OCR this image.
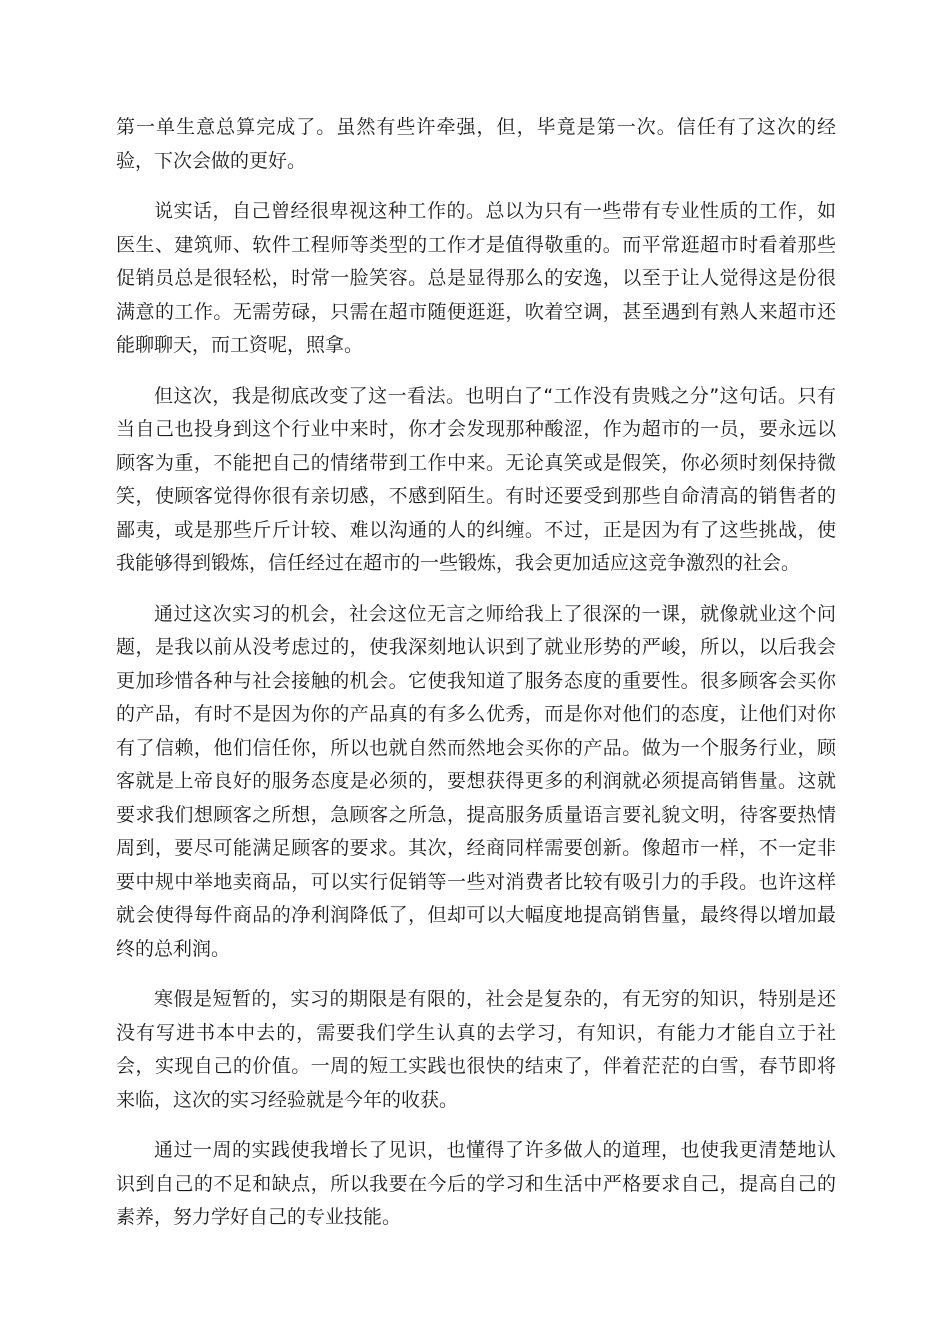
第一单生意总算完成了。虽然有些许牵强，但，毕竟是第一次。信任有了这次的经验，下次会做的更好。

说实话，自己曾经很卑视这种工作的。总以为只有一些带有专业性质的工作，如医生、建筑师、软件工程师等类型的工作才是值得敬重的。而平常逛超市时看着那些促销员总是很轻松，时常一脸笑容。总是显得那么的安逸，以至于让人觉得这是份很满意的工作。无需劳碌，只需在超市随便逛逛，吹着空调，甚至遇到有熟人来超市还能聊聊天，而工资呢，照拿。

但这次，我是彻底改变了这一看法。也明白了“工作没有贵贱之分”这句话。只有当自己也投身到这个行业中来时，你才会发现那种酸涩，作为超市的一员，要永远以顾客为重，不能把自己的情绪带到工作中来。无论真笑或是假笑，你必须时刻保持微笑，使顾客觉得你很有亲切感，不感到陌生。有时还要受到那些自命清高的销售者的鄙夷，或是那些斤斤计较、难以沟通的人的纠缠。不过，正是因为有了这些挑战，使我能够得到锻炼，信任经过在超市的一些锻炼，我会更加适应这竞争激烈的社会。

通过这次实习的机会，社会这位无言之师给我上了很深的一课，就像就业这个问题，是我以前从没考虑过的，使我深刻地认识到了就业形势的严峻，所以，以后我会更加珍惜各种与社会接触的机会。它使我知道了服务态度的重要性。很多顾客会买你的产品，有时不是因为你的产品真的有多么优秀，而是你对他们的态度，让他们对你有了信赖，他们信任你，所以也就自然而然地会买你的产品。做为一个服务行业，顾客就是上帝良好的服务态度是必须的，要想获得更多的利润就必须提高销售量。这就要求我们想顾客之所想，急顾客之所急，提高服务质量语言要礼貌文明，待客要热情周到，要尽可能满足顾客的要求。其次，经商同样需要创新。像超市一样，不一定非要中规中举地卖商品，可以实行促销等一些对消费者比较有吸引力的手段。也许这样就会使得每件商品的净利润降低了，但却可以大幅度地提高销售量，最终得以增加最终的总利润。

寒假是短暂的，实习的期限是有限的，社会是复杂的，有无穷的知识，特别是还没有写进书本中去的，需要我们学生认真的去学习，有知识，有能力才能自立于社会，实现自己的价值。一周的短工实践也很快的结束了，伴着茫茫的白雪，春节即将来临，这次的实习经验就是今年的收获。

通过一周的实践使我增长了见识，也懂得了许多做人的道理，也使我更清楚地认识到自己的不足和缺点，所以我要在今后的学习和生活中严格要求自己，提高自己的素养，努力学好自己的专业技能。
